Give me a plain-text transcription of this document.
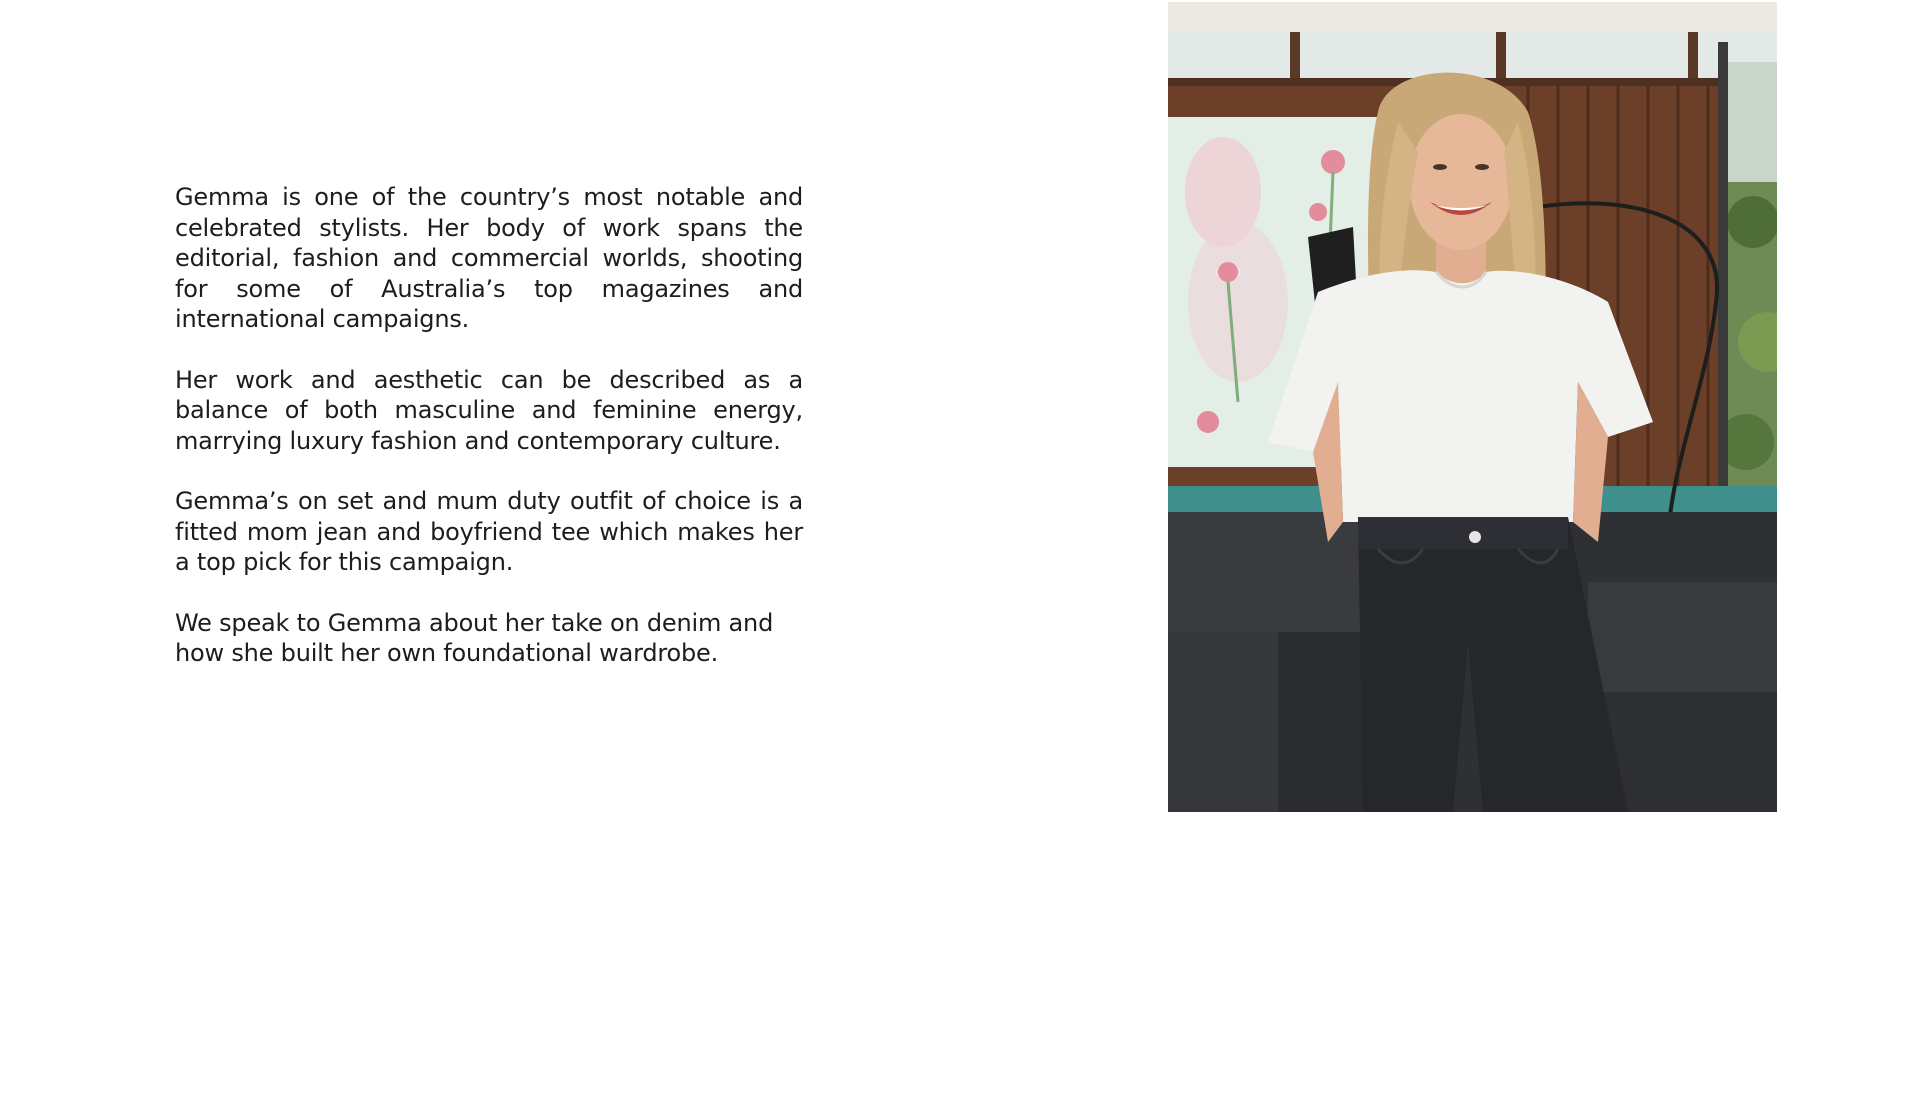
Gemma is one of the country’s most notable and celebrated stylists. Her body of work spans the editorial, fashion and commercial worlds, shooting for some of Australia’s top magazines and international campaigns.

Her work and aesthetic can be described as a balance of both masculine and feminine energy, marrying luxury fashion and contemporary culture.

Gemma’s on set and mum duty outfit of choice is a fitted mom jean and boyfriend tee which makes her a top pick for this campaign.

We speak to Gemma about her take on denim and how she built her own foundational wardrobe.
